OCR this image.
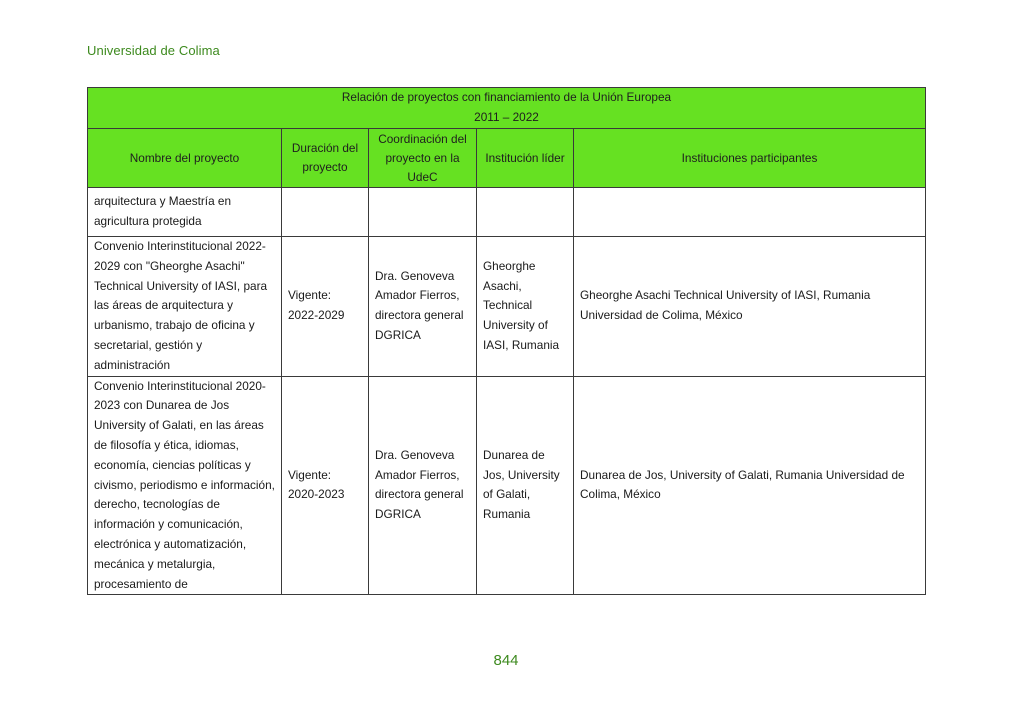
Universidad de Colima
Relación de proyectos con financiamiento de la Unión Europea
2011 – 2022				

Nombre del proyecto	Duración del proyecto	Coordinación del proyecto en la UdeC	Institución líder	Instituciones participantes
arquitectura y Maestría en agricultura protegida				
Convenio Interinstitucional 2022-2029 con "Gheorghe Asachi" Technical University of IASI, para las áreas de arquitectura y urbanismo, trabajo de oficina y secretarial, gestión y administración	Vigente: 2022-2029	Dra. Genoveva Amador Fierros, directora general DGRICA	Gheorghe Asachi, Technical University of IASI, Rumania	Gheorghe Asachi Technical University of IASI, Rumania Universidad de Colima, México
Convenio Interinstitucional 2020-2023 con Dunarea de Jos University of Galati, en las áreas de filosofía y ética, idiomas, economía, ciencias políticas y civismo, periodismo e información, derecho, tecnologías de información y comunicación, electrónica y automatización, mecánica y metalurgia, procesamiento de	Vigente: 2020-2023	Dra. Genoveva Amador Fierros, directora general DGRICA	Dunarea de Jos, University of Galati, Rumania	Dunarea de Jos, University of Galati, Rumania Universidad de Colima, México
844
